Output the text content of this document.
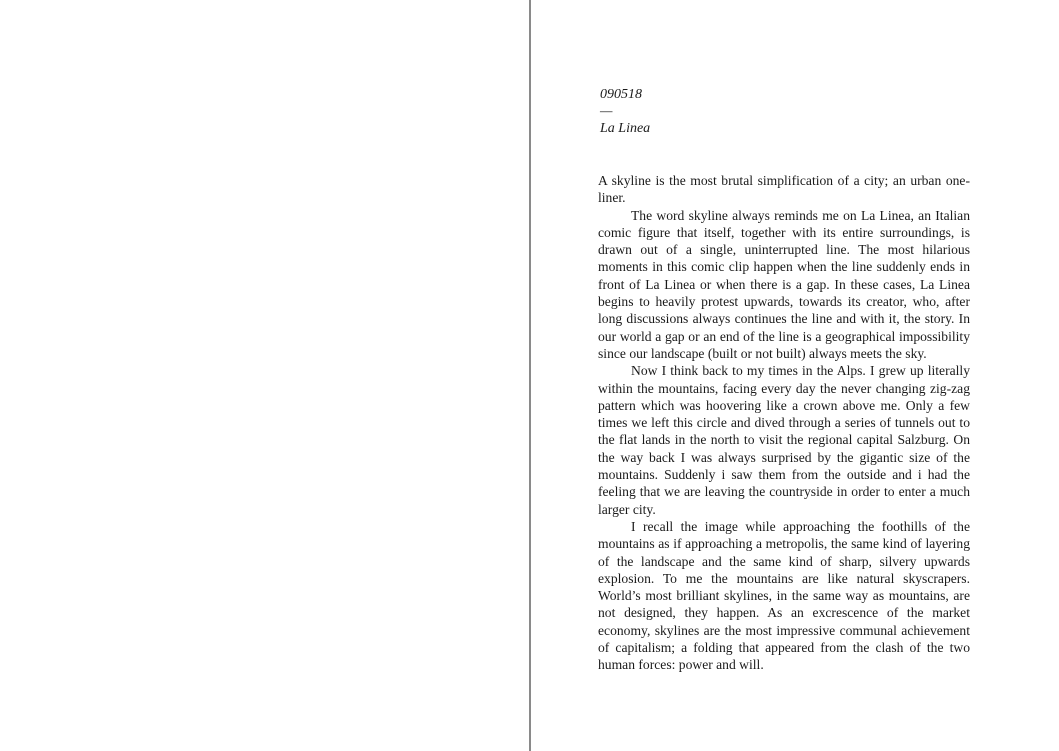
090518
—
La Linea

A skyline is the most brutal simplification of a city; an urban one-liner.

The word skyline always reminds me on La Linea, an Italian comic figure that itself, together with its entire surroundings, is drawn out of a single, uninterrupted line. The most hilarious moments in this comic clip happen when the line suddenly ends in front of La Linea or when there is a gap. In these cases, La Linea begins to heavily protest upwards, towards its creator, who, after long discussions always continues the line and with it, the story. In our world a gap or an end of the line is a geographical impossibility since our landscape (built or not built) always meets the sky.

Now I think back to my times in the Alps. I grew up literally within the mountains, facing every day the never changing zig-zag pattern which was hoovering like a crown above me. Only a few times we left this circle and dived through a series of tunnels out to the flat lands in the north to visit the regional capital Salzburg. On the way back I was always surprised by the gigantic size of the mountains. Suddenly i saw them from the outside and i had the feeling that we are leaving the countryside in order to enter a much larger city.

I recall the image while approaching the foothills of the mountains as if approaching a metropolis, the same kind of layering of the landscape and the same kind of sharp, silvery upwards explosion. To me the mountains are like natural skyscrapers. World’s most brilliant skylines, in the same way as mountains, are not designed, they happen. As an excrescence of the market economy, skylines are the most impressive communal achievement of capitalism; a folding that appeared from the clash of the two human forces: power and will.
